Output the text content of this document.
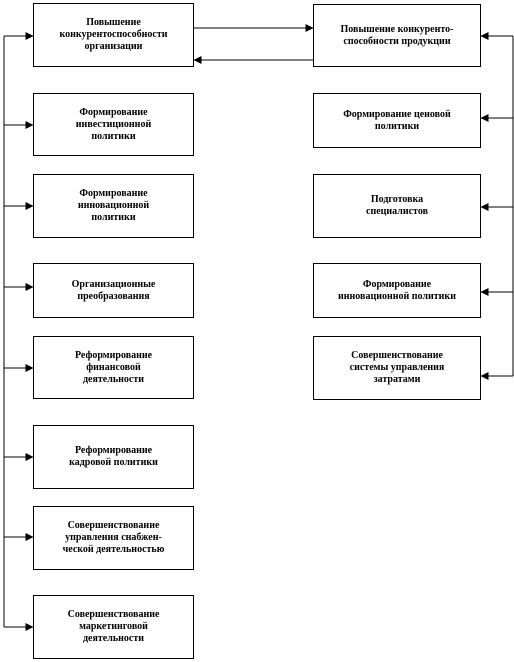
Повышение
конкурентоспособности
организации
Формирование
инвестиционной
политики
Формирование
инновационной
политики
Организационные
преобразования
Реформирование
финансовой
деятельности
Реформирование
кадровой политики
Совершенствование
управления снабжен-
ческой деятельностью
Совершенствование
маркетинговой
деятельности
Повышение конкуренто-
способности продукции
Формирование ценовой
политики
Подготовка
специалистов
Формирование
инновационной политики
Совершенствование
системы управления
затратами
